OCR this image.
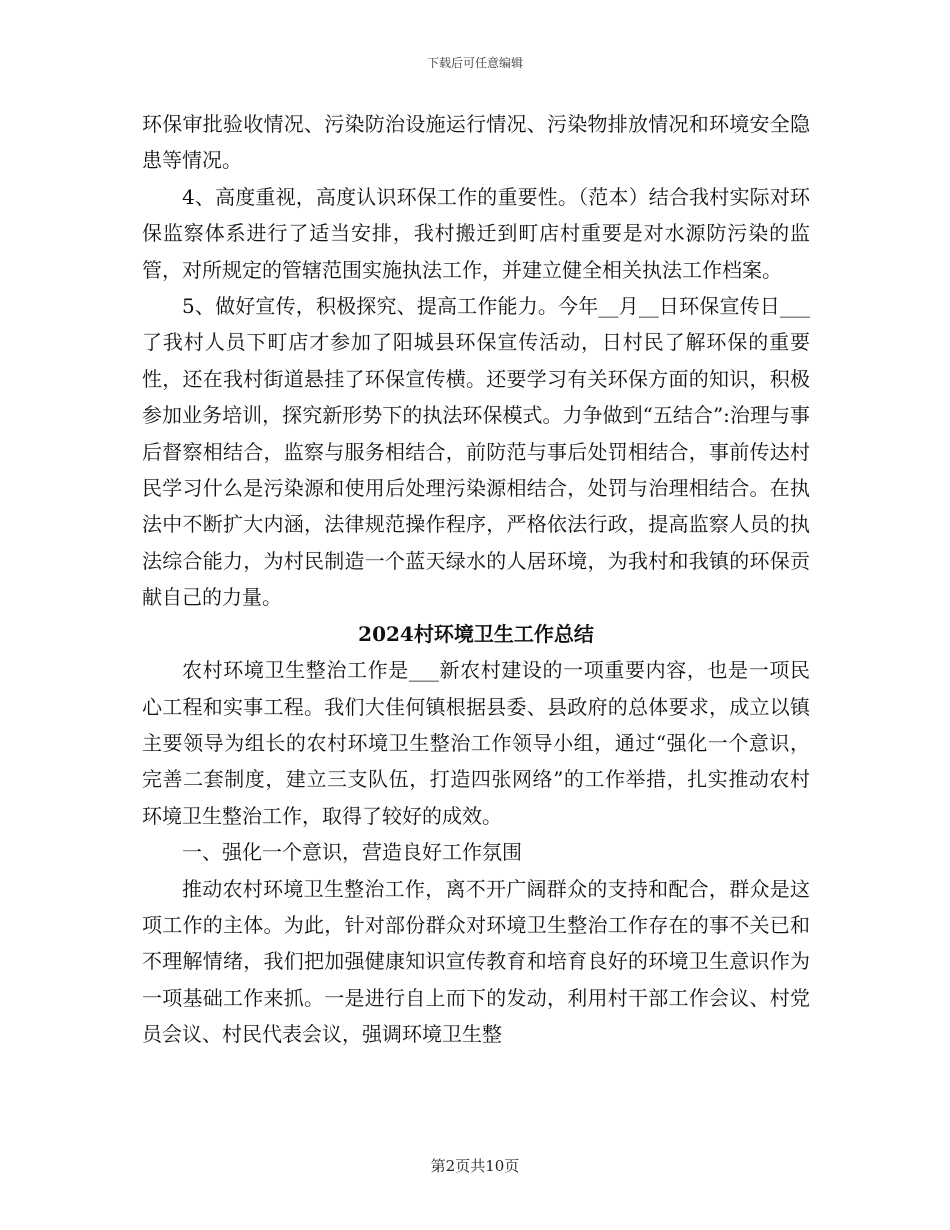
下载后可任意编辑

环保审批验收情况、污染防治设施运行情况、污染物排放情况和环境安全隐患等情况。

4、高度重视，高度认识环保工作的重要性。（范本）结合我村实际对环保监察体系进行了适当安排，我村搬迁到町店村重要是对水源防污染的监管，对所规定的管辖范围实施执法工作，并建立健全相关执法工作档案。

5、做好宣传，积极探究、提高工作能力。今年__月__日环保宣传日___了我村人员下町店才参加了阳城县环保宣传活动，日村民了解环保的重要性，还在我村街道悬挂了环保宣传横。还要学习有关环保方面的知识，积极参加业务培训，探究新形势下的执法环保模式。力争做到“五结合”:治理与事后督察相结合，监察与服务相结合，前防范与事后处罚相结合，事前传达村民学习什么是污染源和使用后处理污染源相结合，处罚与治理相结合。在执法中不断扩大内涵，法律规范操作程序，严格依法行政，提高监察人员的执法综合能力，为村民制造一个蓝天绿水的人居环境，为我村和我镇的环保贡献自己的力量。

2024村环境卫生工作总结

农村环境卫生整治工作是___新农村建设的一项重要内容，也是一项民心工程和实事工程。我们大佳何镇根据县委、县政府的总体要求，成立以镇主要领导为组长的农村环境卫生整治工作领导小组，通过“强化一个意识，完善二套制度，建立三支队伍，打造四张网络”的工作举措，扎实推动农村环境卫生整治工作，取得了较好的成效。

一、强化一个意识，营造良好工作氛围

推动农村环境卫生整治工作，离不开广阔群众的支持和配合，群众是这项工作的主体。为此，针对部份群众对环境卫生整治工作存在的事不关已和不理解情绪，我们把加强健康知识宣传教育和培育良好的环境卫生意识作为一项基础工作来抓。一是进行自上而下的发动，利用村干部工作会议、村党员会议、村民代表会议，强调环境卫生整

第2页共10页
